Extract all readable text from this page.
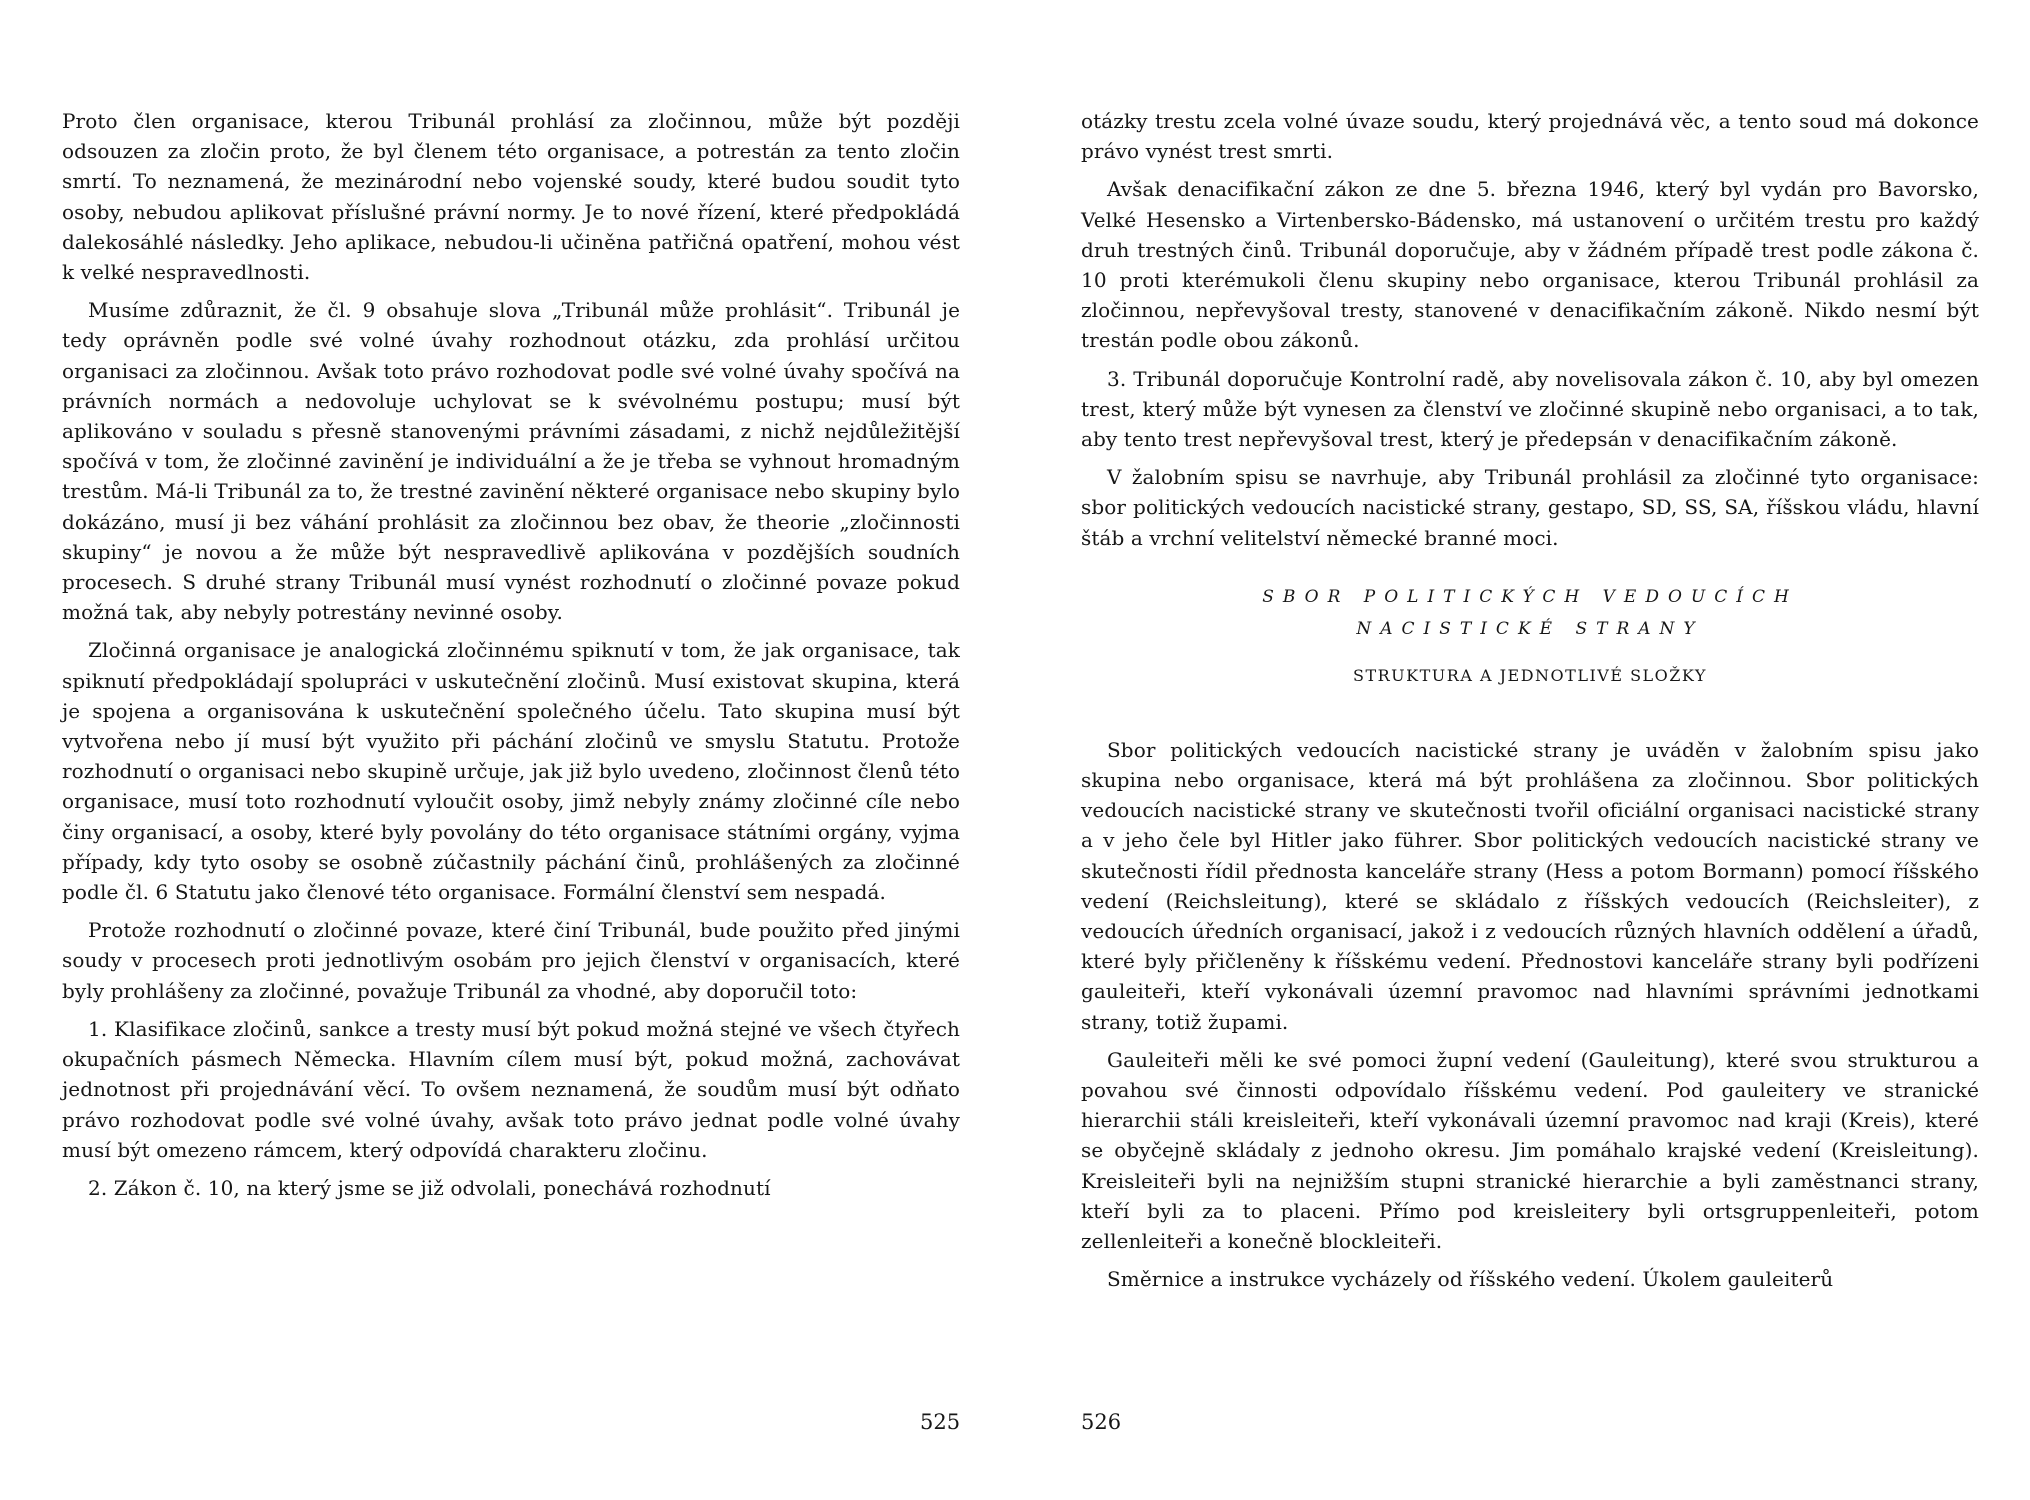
Proto člen organisace, kterou Tribunál prohlásí za zločinnou, může být později odsouzen za zločin proto, že byl členem této organisace, a potrestán za tento zločin smrtí. To neznamená, že mezinárodní nebo vojenské soudy, které budou soudit tyto osoby, nebudou aplikovat příslušné právní normy. Je to nové řízení, které předpokládá dalekosáhlé následky. Jeho aplikace, nebudou-li učiněna patřičná opatření, mohou vést k velké nespravedlnosti.

Musíme zdůraznit, že čl. 9 obsahuje slova „Tribunál může prohlásit“. Tribunál je tedy oprávněn podle své volné úvahy rozhodnout otázku, zda prohlásí určitou organisaci za zločinnou. Avšak toto právo rozhodovat podle své volné úvahy spočívá na právních normách a nedovoluje uchylovat se k svévolnému postupu; musí být aplikováno v souladu s přesně stanovenými právními zásadami, z nichž nejdůležitější spočívá v tom, že zločinné zavinění je individuální a že je třeba se vyhnout hromadným trestům. Má-li Tribunál za to, že trestné zavinění některé organisace nebo skupiny bylo dokázáno, musí ji bez váhání prohlásit za zločinnou bez obav, že theorie „zločinnosti skupiny“ je novou a že může být nespravedlivě aplikována v pozdějších soudních procesech. S druhé strany Tribunál musí vynést rozhodnutí o zločinné povaze pokud možná tak, aby nebyly potrestány nevinné osoby.

Zločinná organisace je analogická zločinnému spiknutí v tom, že jak organisace, tak spiknutí předpokládají spolupráci v uskutečnění zločinů. Musí existovat skupina, která je spojena a organisována k uskutečnění společného účelu. Tato skupina musí být vytvořena nebo jí musí být využito při páchání zločinů ve smyslu Statutu. Protože rozhodnutí o organisaci nebo skupině určuje, jak již bylo uvedeno, zločinnost členů této organisace, musí toto rozhodnutí vyloučit osoby, jimž nebyly známy zločinné cíle nebo činy organisací, a osoby, které byly povolány do této organisace státními orgány, vyjma případy, kdy tyto osoby se osobně zúčastnily páchání činů, prohlášených za zločinné podle čl. 6 Statutu jako členové této organisace. Formální členství sem nespadá.

Protože rozhodnutí o zločinné povaze, které činí Tribunál, bude použito před jinými soudy v procesech proti jednotlivým osobám pro jejich členství v organisacích, které byly prohlášeny za zločinné, považuje Tribunál za vhodné, aby doporučil toto:

1. Klasifikace zločinů, sankce a tresty musí být pokud možná stejné ve všech čtyřech okupačních pásmech Německa. Hlavním cílem musí být, pokud možná, zachovávat jednotnost při projednávání věcí. To ovšem neznamená, že soudům musí být odňato právo rozhodovat podle své volné úvahy, avšak toto právo jednat podle volné úvahy musí být omezeno rámcem, který odpovídá charakteru zločinu.

2. Zákon č. 10, na který jsme se již odvolali, ponechává rozhodnutí

525

otázky trestu zcela volné úvaze soudu, který projednává věc, a tento soud má dokonce právo vynést trest smrti.

Avšak denacifikační zákon ze dne 5. března 1946, který byl vydán pro Bavorsko, Velké Hesensko a Virtenbersko-Bádensko, má ustanovení o určitém trestu pro každý druh trestných činů. Tribunál doporučuje, aby v žádném případě trest podle zákona č. 10 proti kterémukoli členu skupiny nebo organisace, kterou Tribunál prohlásil za zločinnou, nepřevyšoval tresty, stanovené v denacifikačním zákoně. Nikdo nesmí být trestán podle obou zákonů.

3. Tribunál doporučuje Kontrolní radě, aby novelisovala zákon č. 10, aby byl omezen trest, který může být vynesen za členství ve zločinné skupině nebo organisaci, a to tak, aby tento trest nepřevyšoval trest, který je předepsán v denacifikačním zákoně.

V žalobním spisu se navrhuje, aby Tribunál prohlásil za zločinné tyto organisace: sbor politických vedoucích nacistické strany, gestapo, SD, SS, SA, říšskou vládu, hlavní štáb a vrchní velitelství německé branné moci.

SBOR POLITICKÝCH VEDOUCÍCH
NACISTICKÉ STRANY
STRUKTURA A JEDNOTLIVÉ SLOŽKY

Sbor politických vedoucích nacistické strany je uváděn v žalobním spisu jako skupina nebo organisace, která má být prohlášena za zločinnou. Sbor politických vedoucích nacistické strany ve skutečnosti tvořil oficiální organisaci nacistické strany a v jeho čele byl Hitler jako führer. Sbor politických vedoucích nacistické strany ve skutečnosti řídil přednosta kanceláře strany (Hess a potom Bormann) pomocí říšského vedení (Reichsleitung), které se skládalo z říšských vedoucích (Reichsleiter), z vedoucích úředních organisací, jakož i z vedoucích různých hlavních oddělení a úřadů, které byly přičleněny k říšskému vedení. Přednostovi kanceláře strany byli podřízeni gauleiteři, kteří vykonávali územní pravomoc nad hlavními správními jednotkami strany, totiž župami.

Gauleiteři měli ke své pomoci župní vedení (Gauleitung), které svou strukturou a povahou své činnosti odpovídalo říšskému vedení. Pod gauleitery ve stranické hierarchii stáli kreisleiteři, kteří vykonávali územní pravomoc nad kraji (Kreis), které se obyčejně skládaly z jednoho okresu. Jim pomáhalo krajské vedení (Kreisleitung). Kreisleiteři byli na nejnižším stupni stranické hierarchie a byli zaměstnanci strany, kteří byli za to placeni. Přímo pod kreisleitery byli ortsgruppenleiteři, potom zellenleiteři a konečně blockleiteři.

Směrnice a instrukce vycházely od říšského vedení. Úkolem gauleiterů

526
